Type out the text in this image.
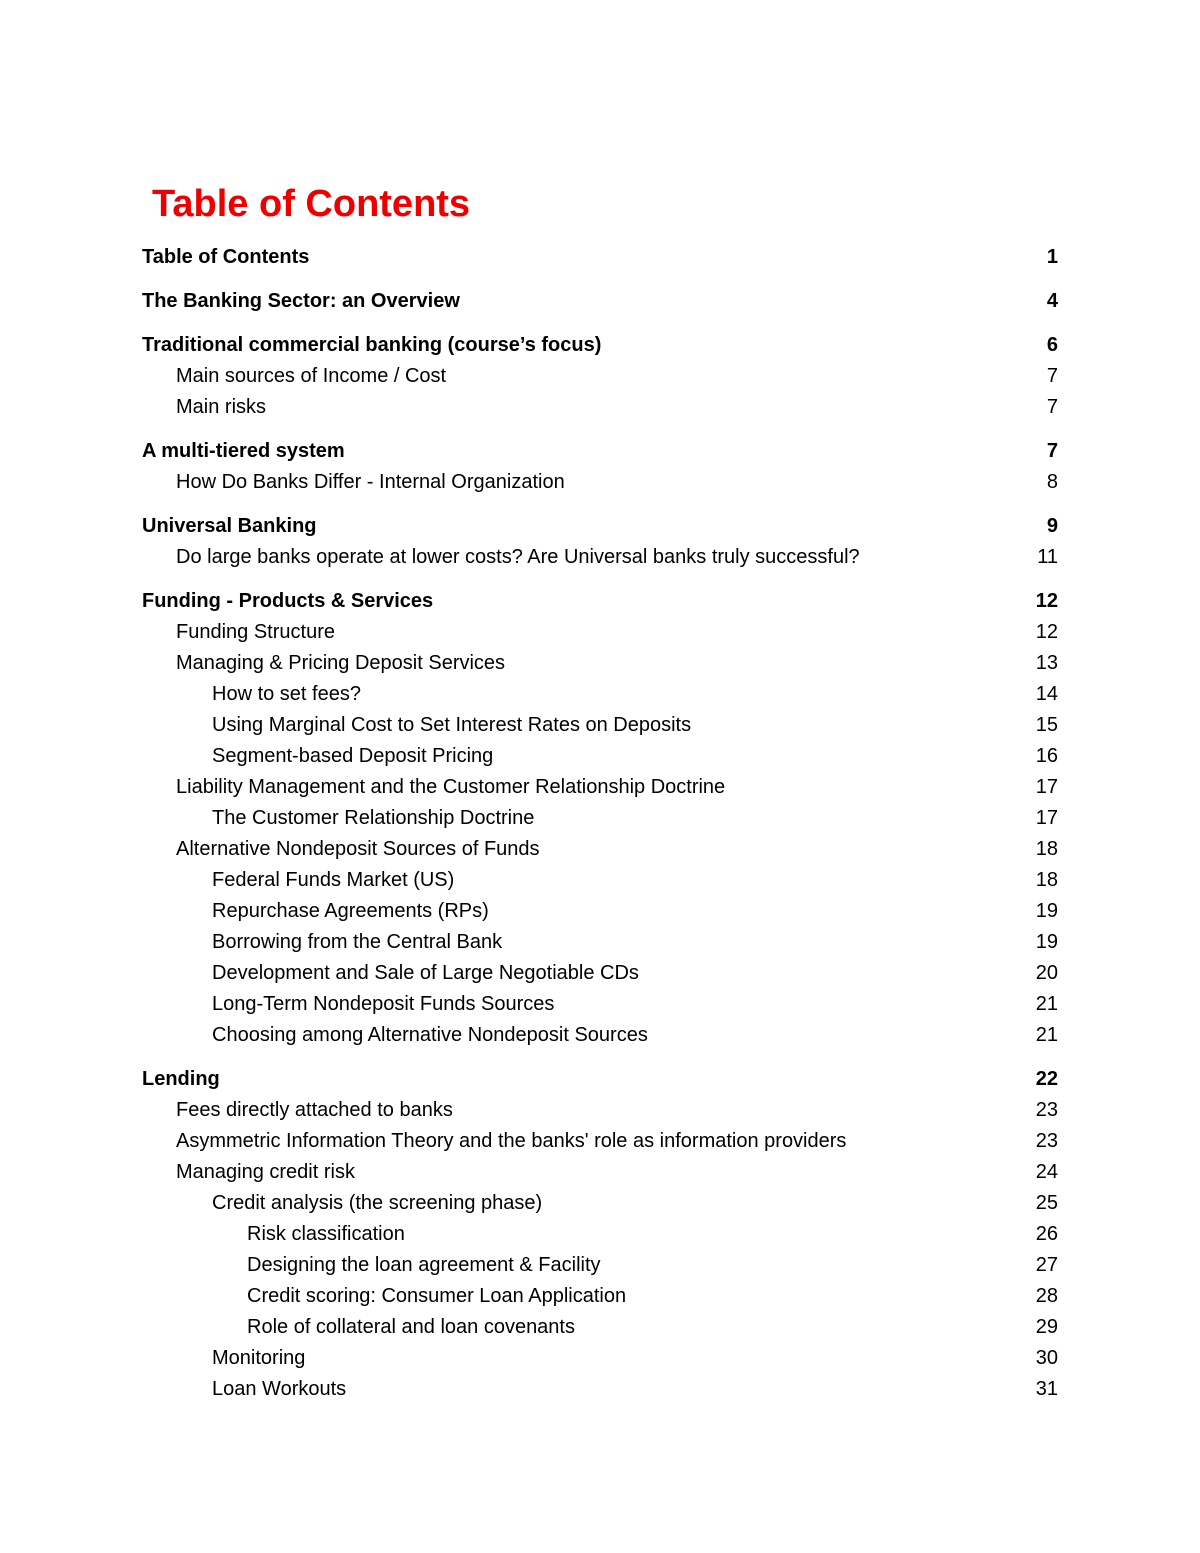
Table of Contents
Table of Contents	1
The Banking Sector: an Overview	4
Traditional commercial banking (course’s focus)	6
Main sources of Income / Cost	7
Main risks	7
A multi-tiered system	7
How Do Banks Differ - Internal Organization	8
Universal Banking	9
Do large banks operate at lower costs? Are Universal banks truly successful?	11
Funding - Products & Services	12
Funding Structure	12
Managing & Pricing Deposit Services	13
How to set fees?	14
Using Marginal Cost to Set Interest Rates on Deposits	15
Segment-based Deposit Pricing	16
Liability Management and the Customer Relationship Doctrine	17
The Customer Relationship Doctrine	17
Alternative Nondeposit Sources of Funds	18
Federal Funds Market (US)	18
Repurchase Agreements (RPs)	19
Borrowing from the Central Bank	19
Development and Sale of Large Negotiable CDs	20
Long-Term Nondeposit Funds Sources	21
Choosing among Alternative Nondeposit Sources	21
Lending	22
Fees directly attached to banks	23
Asymmetric Information Theory and the banks' role as information providers	23
Managing credit risk	24
Credit analysis (the screening phase)	25
Risk classification	26
Designing the loan agreement & Facility	27
Credit scoring: Consumer Loan Application	28
Role of collateral and loan covenants	29
Monitoring	30
Loan Workouts	31
